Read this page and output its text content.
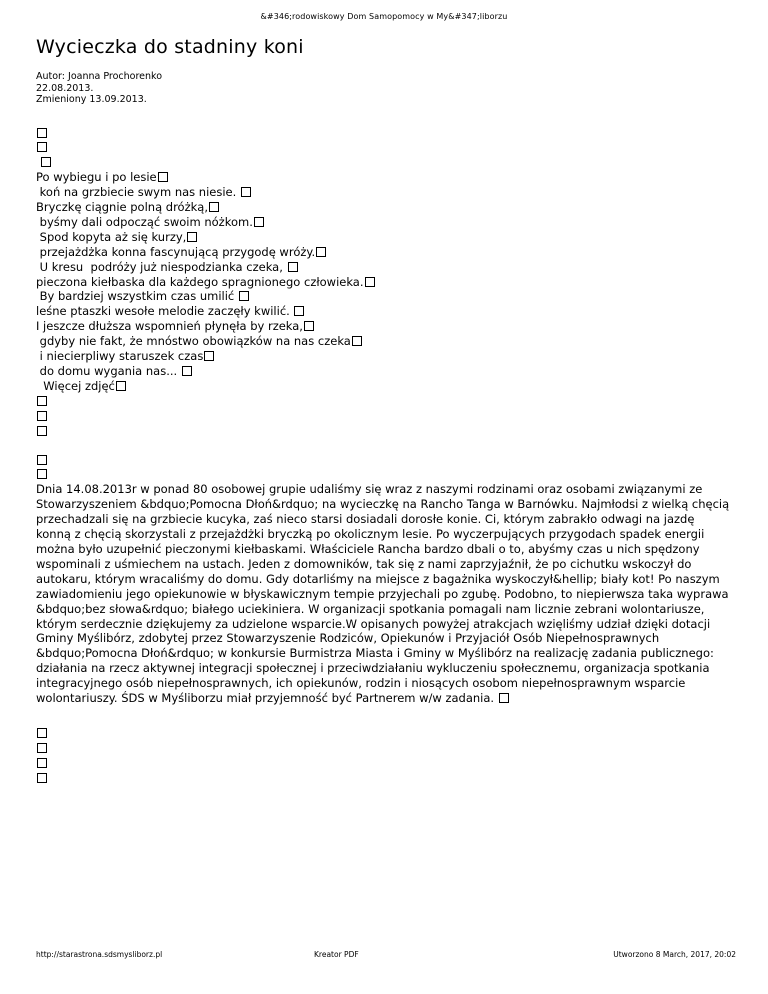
&#346;rodowiskowy Dom Samopomocy w My&#347;liborzu
Wycieczka do stadniny koni
Autor: Joanna Prochorenko
22.08.2013.
Zmieniony 13.09.2013.

Po wybiegu i po lesie
koń na grzbiecie swym nas niesie.
Bryczkę ciągnie polną dróżką,
byśmy dali odpocząć swoim nóżkom.
Spod kopyta aż się kurzy,
przejażdżka konna fascynującą przygodę wróży.
U kresu  podróży już niespodzianka czeka,
pieczona kiełbaska dla każdego spragnionego człowieka.
By bardziej wszystkim czas umilić
leśne ptaszki wesołe melodie zaczęły kwilić.
I jeszcze dłuższa wspomnień płynęła by rzeka,
gdyby nie fakt, że mnóstwo obowiązków na nas czeka
i niecierpliwy staruszek czas
do domu wygania nas...
Więcej zdjęć
Dnia 14.08.2013r w ponad 80 osobowej grupie udaliśmy się wraz z naszymi rodzinami oraz osobami związanymi ze Stowarzyszeniem &bdquo;Pomocna Dłoń&rdquo; na wycieczkę na Rancho Tanga w Barnówku. Najmłodsi z wielką chęcią przechadzali się na grzbiecie kucyka, zaś nieco starsi dosiadali dorosłe konie. Ci, którym zabrakło odwagi na jazdę konną z chęcią skorzystali z przejażdżki bryczką po okolicznym lesie. Po wyczerpujących przygodach spadek energii można było uzupełnić pieczonymi kiełbaskami. Właściciele Rancha bardzo dbali o to, abyśmy czas u nich spędzony wspominali z uśmiechem na ustach. Jeden z domowników, tak się z nami zaprzyjaźnił, że po cichutku wskoczył do autokaru, którym wracaliśmy do domu. Gdy dotarliśmy na miejsce z bagażnika wyskoczył&hellip; biały kot! Po naszym zawiadomieniu jego opiekunowie w błyskawicznym tempie przyjechali po zgubę. Podobno, to niepierwsza taka wyprawa &bdquo;bez słowa&rdquo; białego uciekiniera. W organizacji spotkania pomagali nam licznie zebrani wolontariusze, którym serdecznie dziękujemy za udzielone wsparcie.W opisanych powyżej atrakcjach wzięliśmy udział dzięki dotacji Gminy Myślibórz, zdobytej przez Stowarzyszenie Rodziców, Opiekunów i Przyjaciół Osób Niepełnosprawnych &bdquo;Pomocna Dłoń&rdquo; w konkursie Burmistrza Miasta i Gminy w Myślibórz na realizację zadania publicznego: działania na rzecz aktywnej integracji społecznej i przeciwdziałaniu wykluczeniu społecznemu, organizacja spotkania integracyjnego osób niepełnosprawnych, ich opiekunów, rodzin i niosących osobom niepełnosprawnym wsparcie wolontariuszy. ŚDS w Myśliborzu miał przyjemność być Partnerem w/w zadania.
http://starastrona.sdsmysliborz.pl	Kreator PDF	Utworzono 8 March, 2017, 20:02
